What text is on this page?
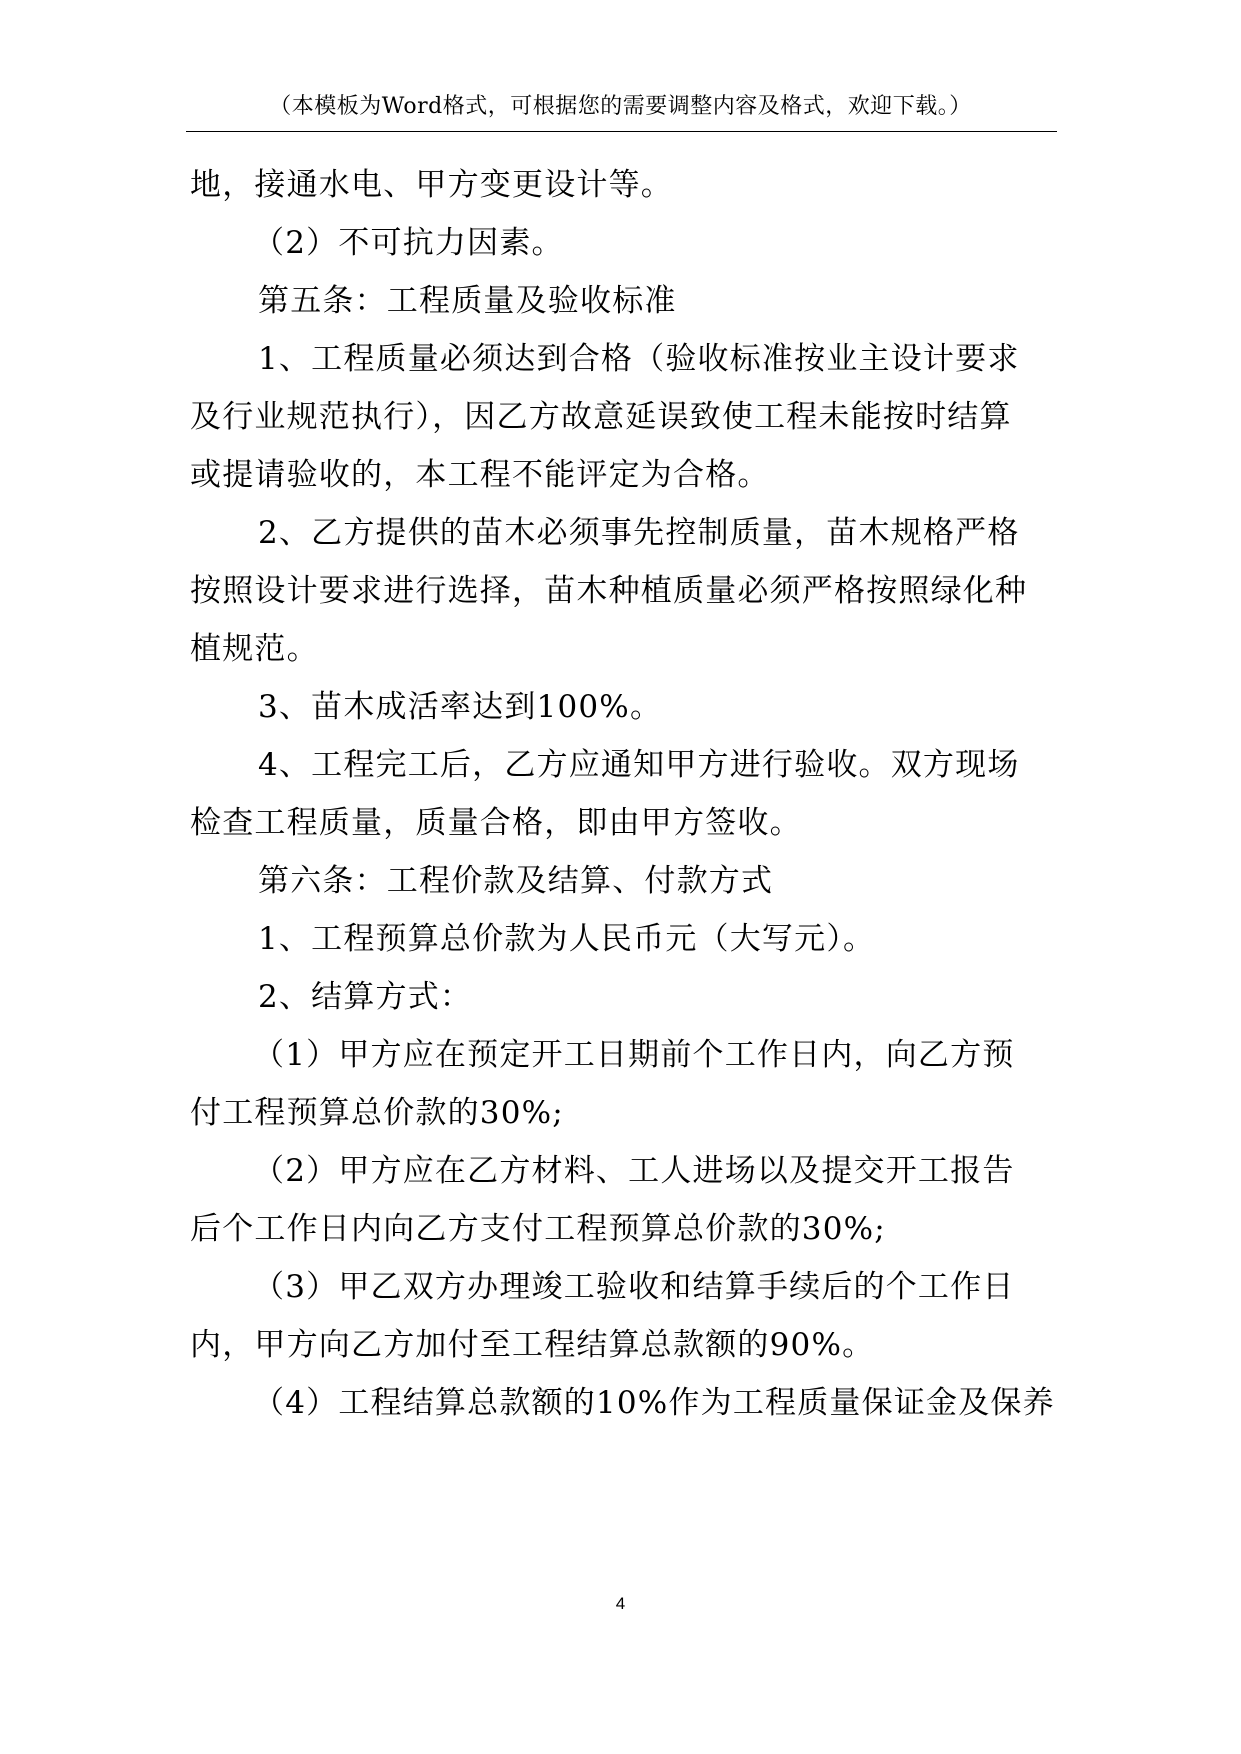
（本模板为Word格式，可根据您的需要调整内容及格式，欢迎下载。）
地，接通水电、甲方变更设计等。
（2）不可抗力因素。
第五条：工程质量及验收标准
1、工程质量必须达到合格（验收标准按业主设计要求
及行业规范执行），因乙方故意延误致使工程未能按时结算
或提请验收的，本工程不能评定为合格。
2、乙方提供的苗木必须事先控制质量，苗木规格严格
按照设计要求进行选择，苗木种植质量必须严格按照绿化种
植规范。
3、苗木成活率达到100%。
4、工程完工后，乙方应通知甲方进行验收。双方现场
检查工程质量，质量合格，即由甲方签收。
第六条：工程价款及结算、付款方式
1、工程预算总价款为人民币元（大写元）。
2、结算方式：
（1）甲方应在预定开工日期前个工作日内，向乙方预
付工程预算总价款的30%;
（2）甲方应在乙方材料、工人进场以及提交开工报告
后个工作日内向乙方支付工程预算总价款的30%;
（3）甲乙双方办理竣工验收和结算手续后的个工作日
内，甲方向乙方加付至工程结算总款额的90%。
（4）工程结算总款额的10%作为工程质量保证金及保养
4
